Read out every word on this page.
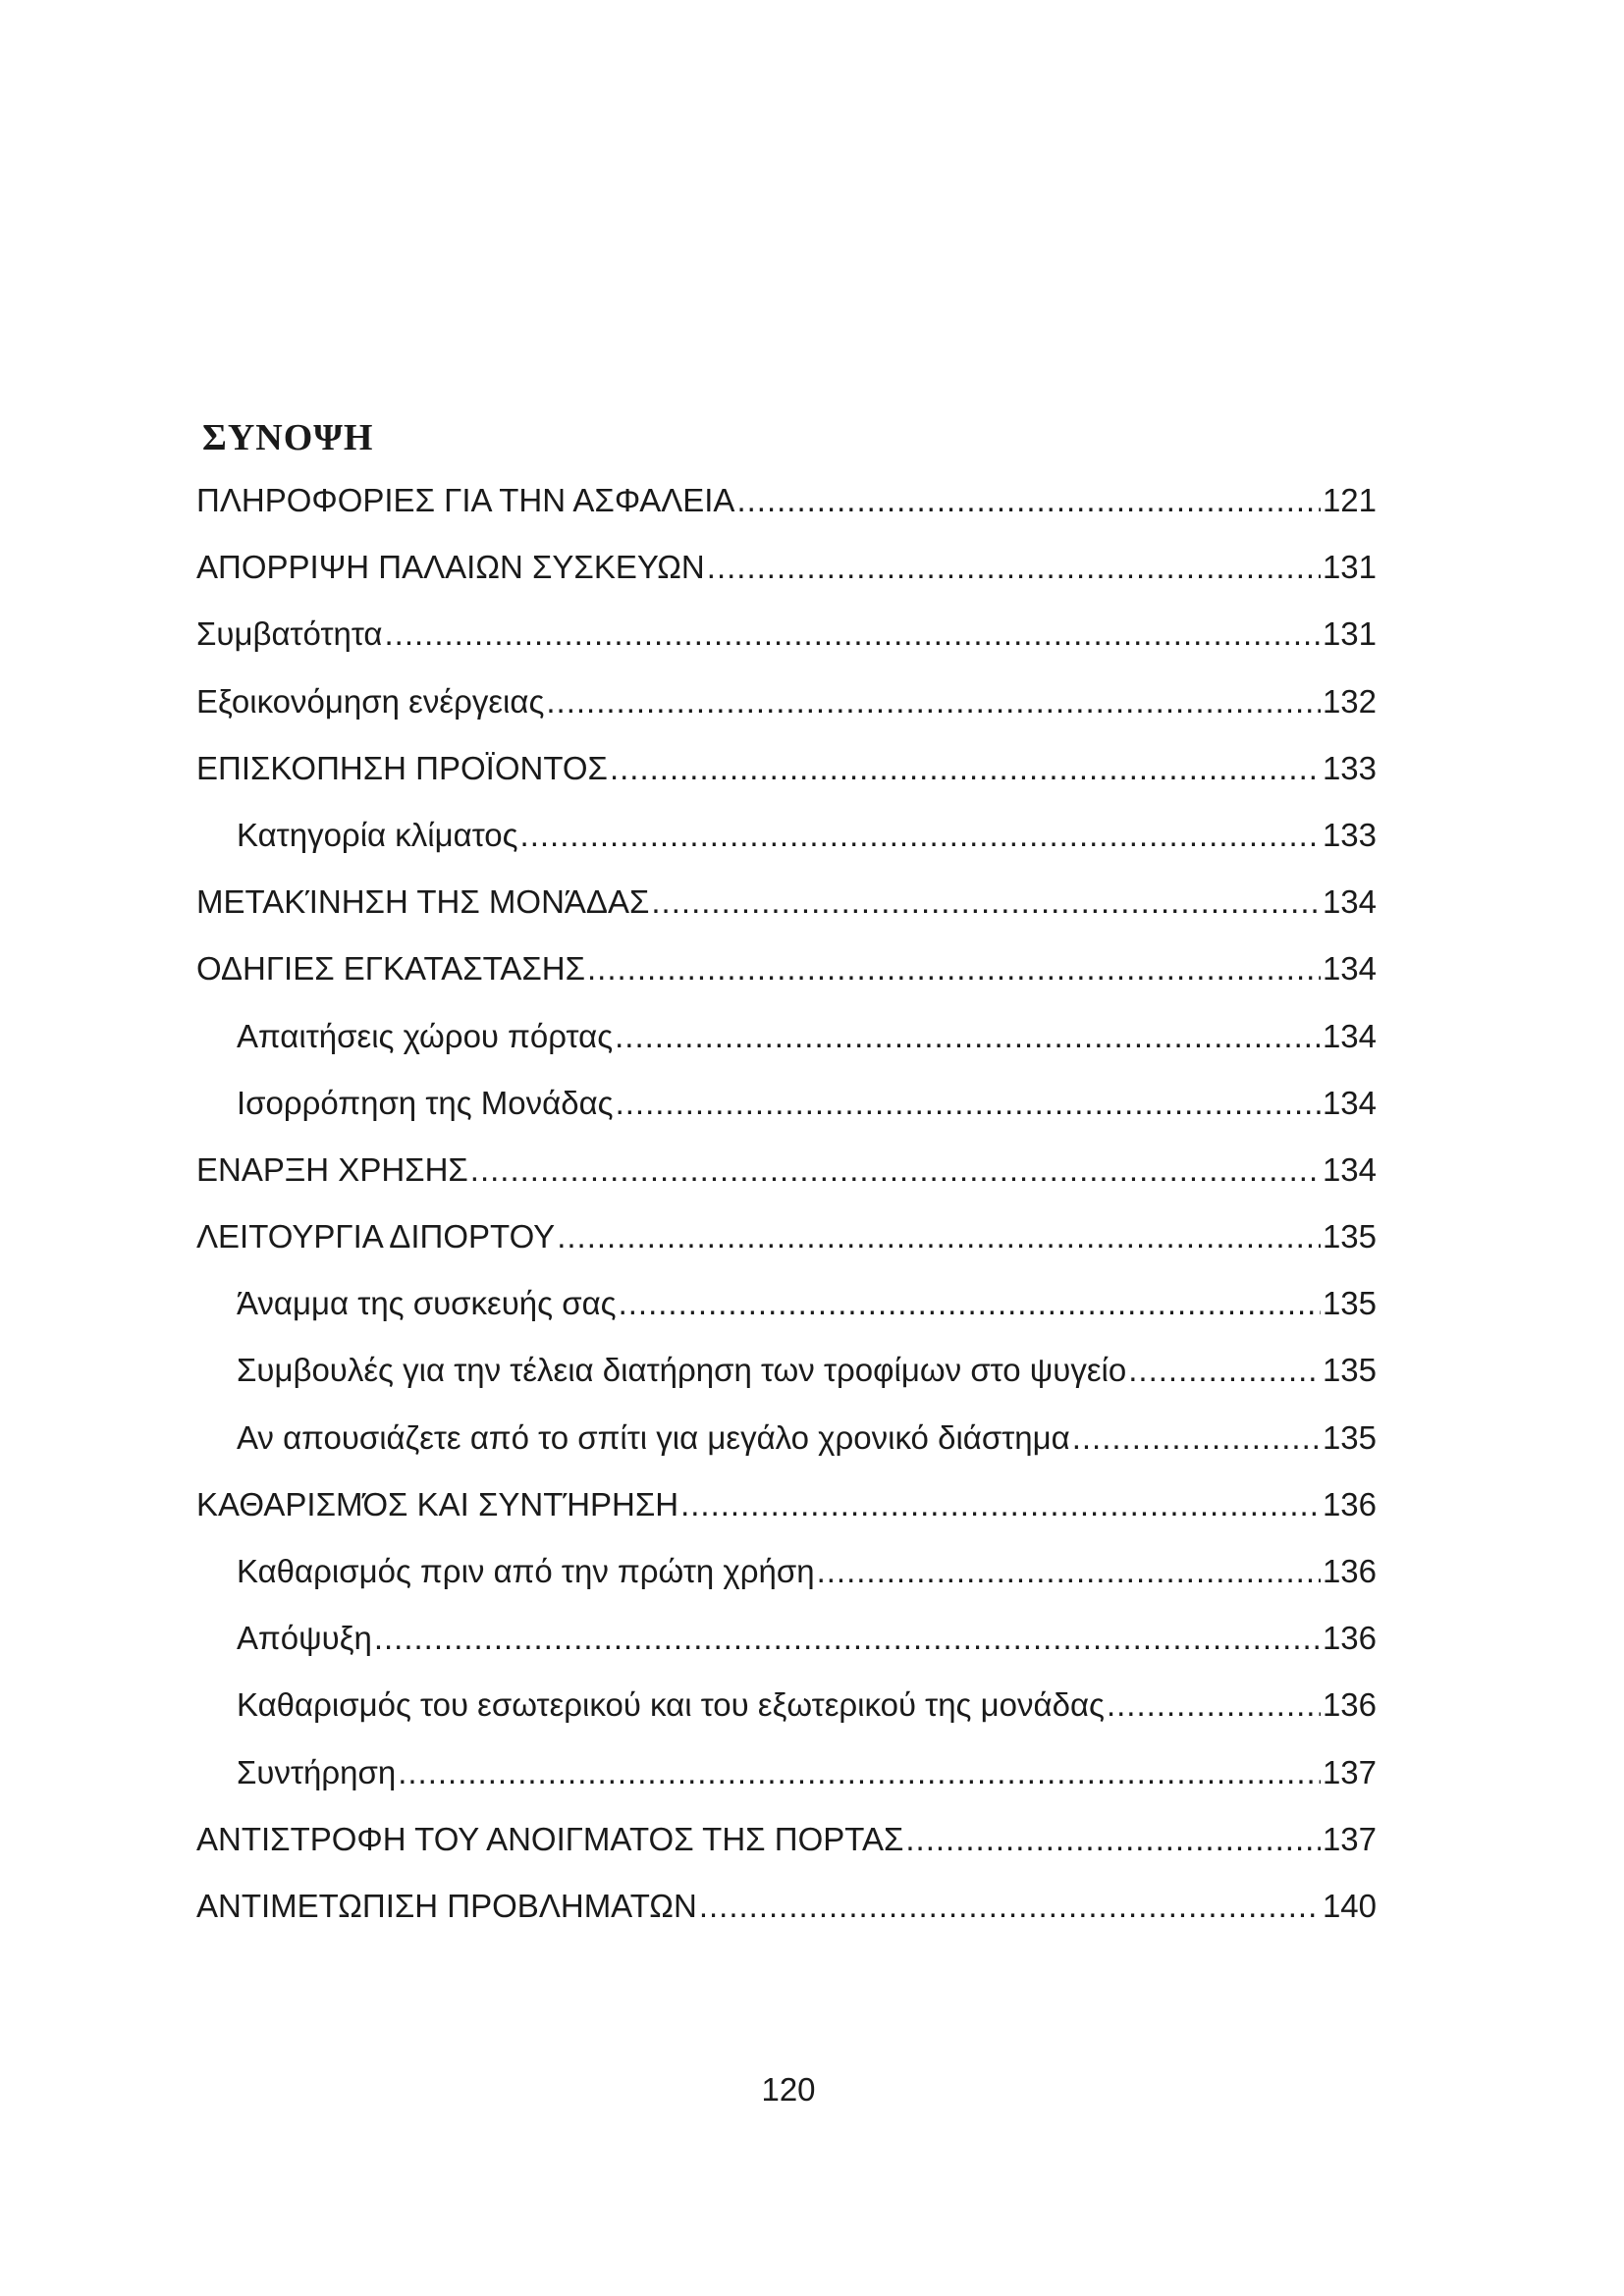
ΣΥΝΟΨΗ
ΠΛΗΡΟΦΟΡΙΕΣ ΓΙΑ ΤΗΝ ΑΣΦΑΛΕΙΑ .....	121
ΑΠΟΡΡΙΨΗ ΠΑΛΑΙΩΝ ΣΥΣΚΕΥΩΝ .....	131
Συμβατότητα .....	131
Εξοικονόμηση ενέργειας .....	132
ΕΠΙΣΚΟΠΗΣΗ ΠΡΟΪΟΝΤΟΣ .....	133
Κατηγορία κλίματος .....	133
ΜΕΤΑΚΊΝΗΣΗ ΤΗΣ ΜΟΝΆΔΑΣ .....	134
ΟΔΗΓΙΕΣ ΕΓΚΑΤΑΣΤΑΣΗΣ .....	134
Απαιτήσεις χώρου πόρτας .....	134
Ισορρόπηση της Μονάδας .....	134
ΕΝΑΡΞΗ ΧΡΗΣΗΣ .....	134
ΛΕΙΤΟΥΡΓΙΑ ΔΙΠΟΡΤΟΥ .....	135
Άναμμα της συσκευής σας .....	135
Συμβουλές για την τέλεια διατήρηση των τροφίμων στο ψυγείο .....	135
Αν απουσιάζετε από το σπίτι για μεγάλο χρονικό διάστημα .....	135
ΚΑΘΑΡΙΣΜΌΣ ΚΑΙ ΣΥΝΤΉΡΗΣΗ .....	136
Καθαρισμός πριν από την πρώτη χρήση .....	136
Απόψυξη .....	136
Καθαρισμός του εσωτερικού και του εξωτερικού της μονάδας .....	136
Συντήρηση .....	137
ΑΝΤΙΣΤΡΟΦΗ ΤΟΥ ΑΝΟΙΓΜΑΤΟΣ ΤΗΣ ΠΟΡΤΑΣ .....	137
ΑΝΤΙΜΕΤΩΠΙΣΗ ΠΡΟΒΛΗΜΑΤΩΝ .....	140
120
